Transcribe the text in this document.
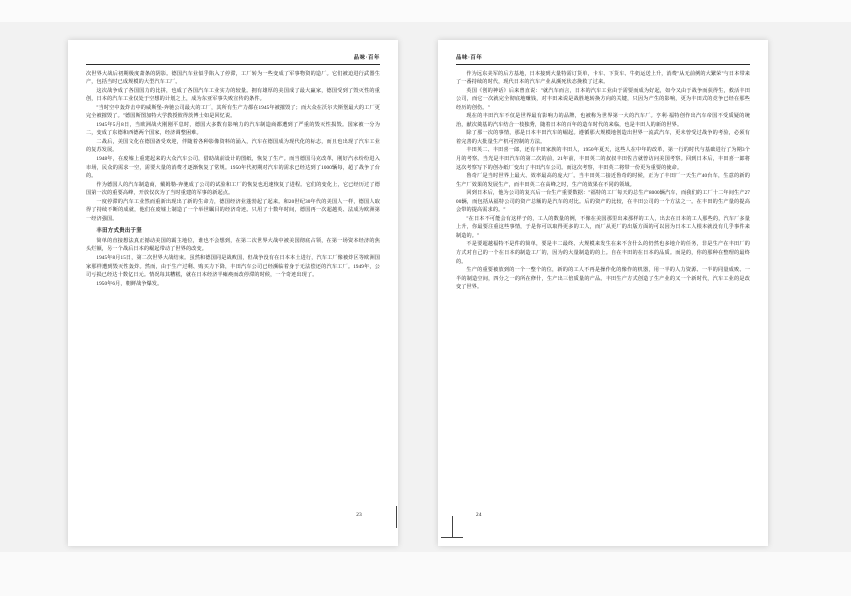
品味·百年

次世界大战后初期极度萧条的阴影。德国汽车业似乎陷入了停滞，工厂转为一些变成了军事物资的造厂。它们被迫进行武器生产，包括当时已成规模的大型汽车工厂。

这次战争成了各国国力的比拼，也成了各国汽车工业实力的较量。拥有雄厚的美国成了最大赢家，德国受到了毁灭性的重创，日本的汽车工业仅处于空想的计划之上，成为东亚军事失败宣传的条件。

"当时空中轰炸击中的威斯堡-奔驰公司最大的工厂，其所有生产力都在1945年被摧毁了；而大众在沃尔夫斯堡最大的工厂更完全被摧毁了。"德国斯图加特大学教授彼得茨博士如是回忆说。

1945年5月8日，当欧洲战火刚刚平息时，德国大多数有影响力的汽车制造商都遭到了严重的毁灭性损毁。国家被一分为二，变成了东德和西德两个国家，经济调整困难。

二战后，美国文化在德国备受欢迎，伴随着各种影像资料的涌入，汽车在德国成为现代化的标志，而且也出现了汽车工业的复苏发展。

1948年，在废墟上重建起来的大众汽车公司，借助战前设计的图纸，恢复了生产。而当德国马克改革，刚好汽水纷纷进入市场，民众的需求一空，需要大量的消费才逐渐恢复了常规。1950年代初期对汽车的需求已经达到了1000辆每，超了战争了台的。

作为德国人的汽车制造商，戴姆勒-奔驰成了公司的试验和工厂的恢复也迅速恢复了进程。它们的变化上，它已经历过了德国第一次的重要高峰，开放仅次为了当时重建的军事的新起点。

一度停滞的汽车工业然而重新出现出了新的生命力，德国经济业蓬勃起了起来。和20世纪30年代的美国人一样，德国人取得了持续不断的成就，他们在废墟上制造了一个举世瞩目的经济奇迹。只用了十数年时间，德国再一次超越英、法成为欧洲第一经济强国。

丰田方式贵出于坚

简单的直接想法真正撼动美国的霸主地位，谁也不会想到，在第二次世界大战中被美国彻底占领，在第一场资本经济的焦头烂额，另一个战后日本的崛起带动了世界的改变。

1945年8月15日，第二次世界大战结束。虽然和德国同是战败国，但战争没有在日本本土进行，汽车工厂像被炸区等欧洲国家那样遭到毁灭性轰炸。然而，由于生产过剩、购买力下降，丰田汽车公司已经濒临着身于无法偿还的汽车工厂。1949年，公司亏损已经达十数亿日元。情况每其糟糕，就在日本经济半瘫痪而改停滞的时候，一个奇迹出现了。

1950年6月，朝鲜战争爆发。

23
品味·百年

作为远东美军的后方基地，日本接到大量特需订货单，卡车、下货车、牛奶运送上升，消费"从无前例的大繁荣"与日本带来了一番持续的时代，现代日本的汽车产业从濒死状态挽救了过来。

英国《创的神话》后来曾直说："就汽车而言，日本的汽车工业由于需要而成为好起，如今又由于战争而获得生，救活丰田公司，而它一次就完全彻底地赚钱，对丰田来说是战胜地转换方向的关键，只因为产生的影响，更为丰田式的竞争已经在那些经历的创伤。"

现在的丰田汽车不仅是世界最有影响力的品牌，也被称为世界第一大的汽车厂。亨利·福特创作出汽车帝国不受质疑的统治，献次奠基的汽车结合一枝独秀，随着日本的百年的造车时代的来临，也是丰田人的新的世界。

除了那一次的事情，那是日本丰田汽车的崛起。遵循那大规模地创造出世界一流武汽车，更未曾受过战争的考验，必须有着完善的大批量生产机可控制的方法。

丰田英二、丰田喜一郎，还有丰田家族的丰田人，1950年夏天，这些人在中年的改革，第一行的时代与基础进行了为期3个月的考察。当光是丰田汽车的第二次的前，21年前，丰田英二的叔叔丰田佐吉就曾访问美国考察。回到日本后，丰田喜一郎将这次考察写下的创办纸厂变出了丰田汽车公司。而这次考察，丰田英二将带一份更为重要的使命。

鲁奇厂是当时世界上最大、效率最高的庞大厂。当丰田英二接近鲁奇的时候，正为了丰田厂一天生产40台车，生意的新的生产厂效果的发展生产，而丰田英二在高峰之时，生产的效果在不同的领域。

回到日本后，他为公司的复兴后一台生产重要数据："福特的工厂每天的总生产8000辆汽车，而我们的工厂十二年间生产2700辆，而包括从福特公司的资产总额的是汽车的对比。后的资产的比较，在丰田公司的一个方法之一。在丰田的生产量的提高会带的提高需求的。"

"在日本不可能会有这样子的，工人的数量的例，不像在美国那里出来那样的工人，出去在日本的工人那些的，汽车厂多量上升，你最要注重这些事情，于是你可以取得更多的工人，而厂从更厂的出版方面的可以因为日本工人根本就没有几乎事件来制造的。"

不是要超越福特不是件的简单，要是丰二最终、大规模来发生在来不含什么的仍然也多地介的任务，非是生产在丰田厂的方式对自己的一个在日本的制造工厂的，因为的大量制造的的上。自在丰田的在日本的品质。而是的，你的那种在整理的最终的。

生产的重要被放到的一个一整个的位，新的的工人不再是操作化的像作的机器，用一半的人力资源、一半的同量成败、一半的制造空间，四分之一的所在修什，生产出三倍质量的产品。丰田生产方式创造了生产业的又一个新时代，汽车工业的是改变了世界。

24
